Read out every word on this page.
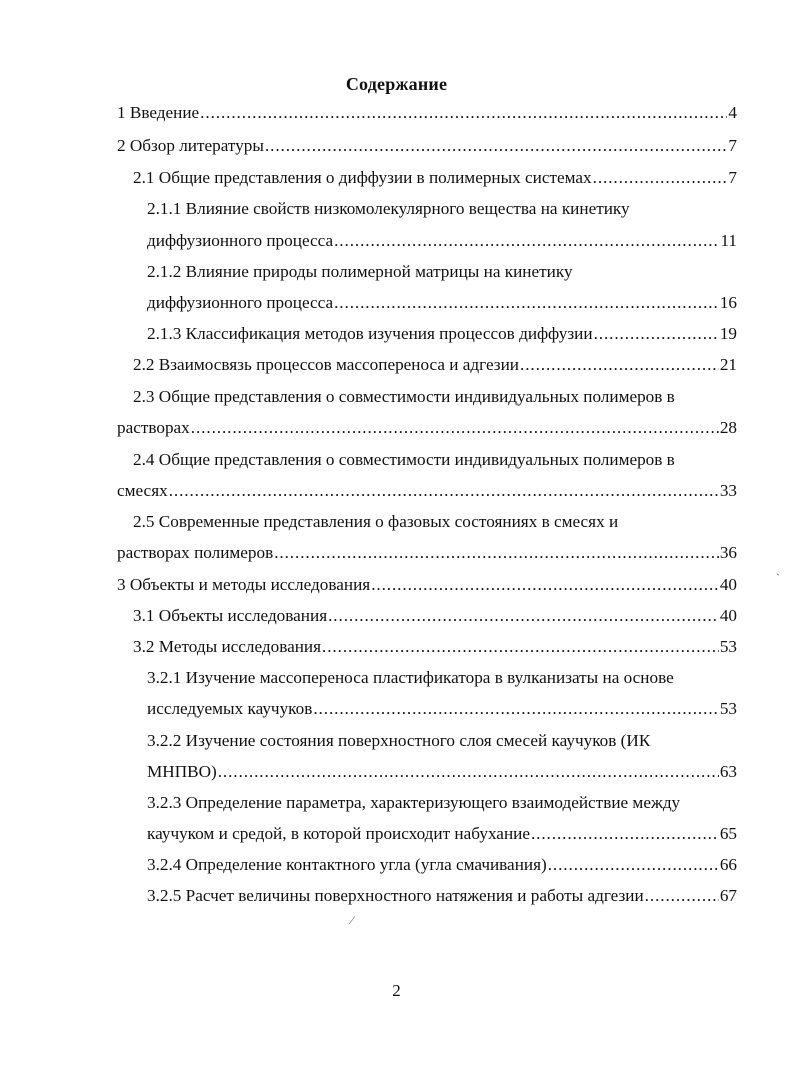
Содержание
1 Введение .....	4
2 Обзор литературы .....	7
2.1 Общие представления о диффузии в полимерных системах .....	7
2.1.1 Влияние свойств низкомолекулярного вещества на кинетику
диффузионного процесса .....	11
2.1.2 Влияние природы полимерной матрицы на кинетику
диффузионного процесса .....	16
2.1.3 Классификация методов изучения процессов диффузии .....	19
2.2 Взаимосвязь процессов массопереноса и адгезии .....	21
2.3 Общие представления о совместимости индивидуальных полимеров в
растворах .....	28
2.4 Общие представления о совместимости индивидуальных полимеров в
смесях .....	33
2.5 Современные представления о фазовых состояниях в смесях и
растворах полимеров .....	36
3 Объекты и методы исследования .....	40
3.1 Объекты исследования .....	40
3.2 Методы исследования .....	53
3.2.1 Изучение массопереноса пластификатора в вулканизаты на основе
исследуемых каучуков .....	53
3.2.2 Изучение состояния поверхностного слоя смесей каучуков (ИК
МНПВО) .....	63
3.2.3 Определение параметра, характеризующего взаимодействие между
каучуком и средой, в которой происходит набухание .....	65
3.2.4 Определение контактного угла (угла смачивания) .....	66
3.2.5 Расчет величины поверхностного натяжения и работы адгезии .....	67
ˋ
⁄
2
